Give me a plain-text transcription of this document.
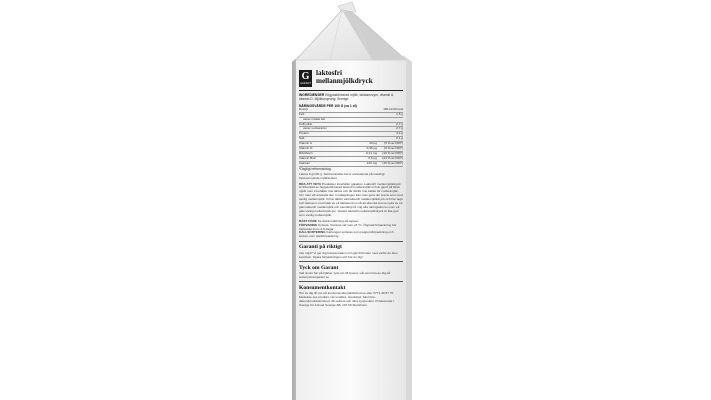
G
GARANT
laktosfri
mellanmjölkdryck
INGREDIENSER Högpastöriserad mjölk, laktasenzym, vitamin A, vitamin D. Mjölkursprung: Sverige.
NÄRINGSVÄRDE PER 100 G (ca 1 dl)
Energi	180 kJ/43 kcal
Fett	1,5 g
varav mättat fett
Kolhydrat	2,7 g
varav sockerarter	2,7 g
Protein	3,4 g
Salt	0,1 g
Vitamin A	40 µg	(5 % av DRI*)
Vitamin D	0,45 µg	(9 % av DRI*)
Riboflavin	0,14 mg	(10 % av DRI*)
Vitamin B12	0,6 µg	(24 % av DRI*)
Kalcium	120 mg	(15 % av DRI*)
*Dagligt referensintag.
Laktos 0 g/100 g. Sellmenkraftet beror uteslutande på naturligt förekommande mjölksocker.
BRA ATT VETA Produkten innehåller galaktos. Laktosfri mellanmjölkdryck är tillverkad av högpastöriserad laktosfri mellanmjölk och är gjord på färsk mjölk men innehåller inte laktos och får därför inte kallas för mellanmjölk. Om man vill använda den i matlagningen kan man göra det precis som med vanlig mellanmjölk. Vi har därför valt laktosfri mellanmjölkdryck och har tagit bort laktosen med hjälp av ett laktasenzym så att alla ska kunna njuta av ett glas laktosfri mellanmjölk och samtidigt få i sig alla näringsämnen som ett glas vanlig mellanmjölk ger. Garant laktosfri mellanmjölkdryck är lika god som vanlig mellanmjölk.
BÄST FÖRE Se datummärkning på toppen.
FÖRVARING Kylvara, förvaras vid max +8 °C. Öppnad förpackning bör förbrukas inom 4-5 dagar.
KÄLLSORTERING Kartongen sorteras som pappersförpackning och korken som plastförpackning.
Garanti på riktigt
Inte nöjd? Vi ger dig kompensation och går till botten med varför du blev besviken. Spara förpackningen och hör av dig!
Tyck om Garant
Vad du än har på hjärtat, tyck om till lysena. Låt oss höra av dig på www.tyckomgarant.se
Konsumentkontakt
Hör av dig till oss på konsumentkontaktforbud.se eller 0771-30 87 70. Medelete ses produkt, var umidles, streckkod, bäst före-datum/produktionskod, din adress och dina synpunkter. Producerats i Sverige för Axfood Sverige AB, 107 69 Stockholm.
